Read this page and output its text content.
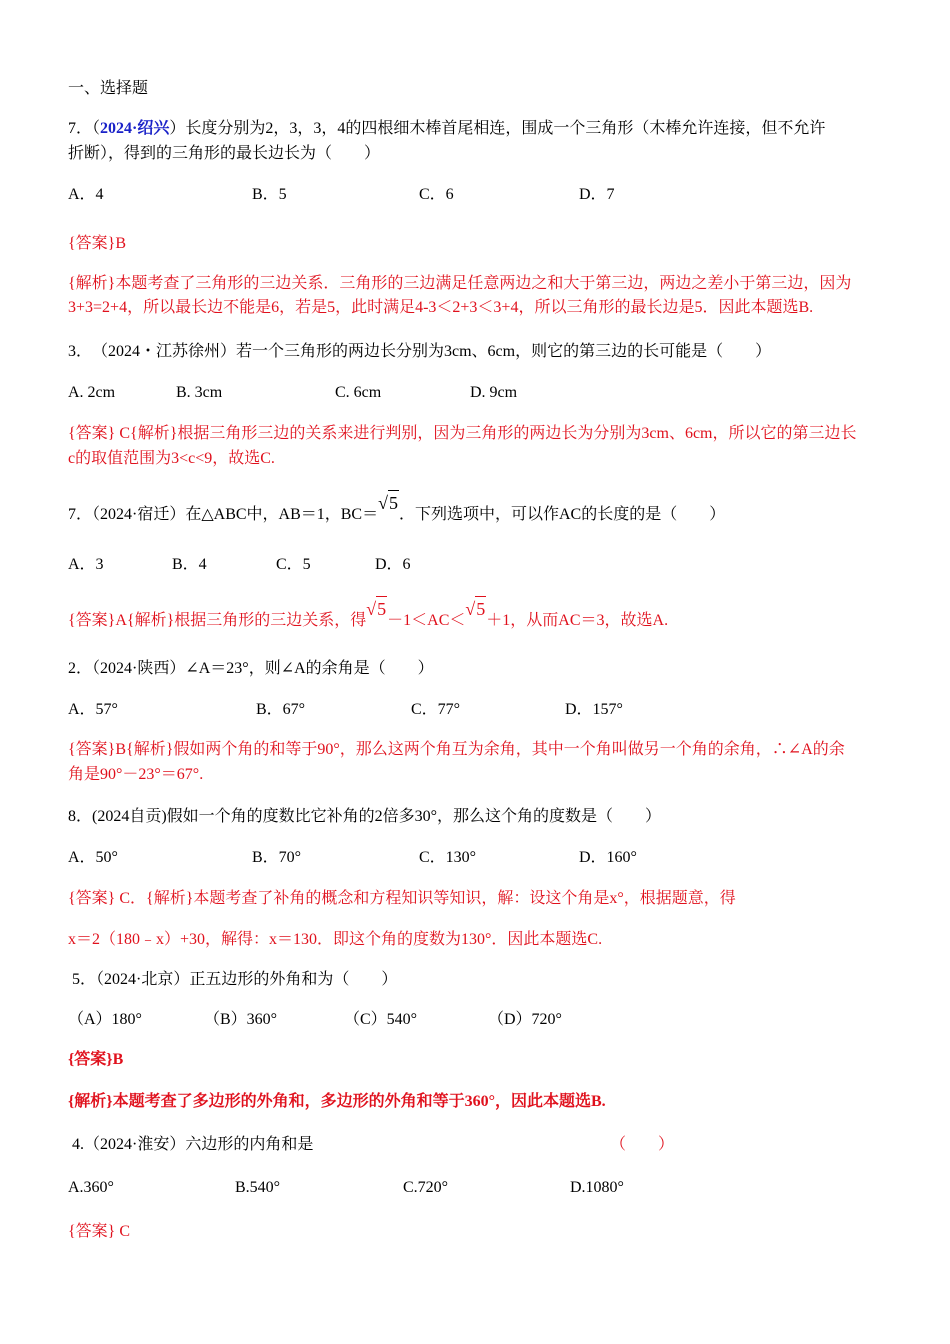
一、选择题
7．（2024·绍兴）长度分别为2，3，3，4的四根细木棒首尾相连，围成一个三角形（木棒允许连接，但不允许
折断），得到的三角形的最长边长为（　　）
A．4	B．5	C．6	D．7
{答案}B
{解析}本题考查了三角形的三边关系．三角形的三边满足任意两边之和大于第三边，两边之差小于第三边，因为
3+3=2+4，所以最长边不能是6，若是5，此时满足4-3＜2+3＜3+4，所以三角形的最长边是5．因此本题选B.
3．　（2024・江苏徐州）若一个三角形的两边长分别为3cm、6cm，则它的第三边的长可能是（　　）
A. 2cm	B. 3cm	C. 6cm	D. 9cm
{答案} C{解析}根据三角形三边的关系来进行判别，因为三角形的两边长为分别为3cm、6cm，所以它的第三边长
c的取值范围为3<c<9，故选C.
7．（2024·宿迁）在△ABC中，AB＝1，BC＝√5．下列选项中，可以作AC的长度的是（　　）
A．3	B．4	C．5	D．6
{答案}A{解析}根据三角形的三边关系，得√5－1＜AC＜√5＋1，从而AC＝3，故选A.
2．（2024·陕西）∠A＝23°，则∠A的余角是（　　）
A．57°	B．67°	C．77°	D．157°
{答案}B{解析}假如两个角的和等于90°，那么这两个角互为余角，其中一个角叫做另一个角的余角，∴∠A的余
角是90°－23°＝67°.
8．(2024自贡)假如一个角的度数比它补角的2倍多30°，那么这个角的度数是（　　）
A．50°	B．70°	C．130°	D．160°
{答案} C．{解析}本题考查了补角的概念和方程知识等知识，解：设这个角是x°，根据题意，得
x＝2（180﹣x）+30，解得：x＝130．即这个角的度数为130°．因此本题选C.
5．（2024·北京）正五边形的外角和为（　　）
（A）180°	（B）360°	（C）540°	（D）720°
{答案}B
{解析}本题考查了多边形的外角和，多边形的外角和等于360°，因此本题选B.
4.（2024·淮安）六边形的内角和是	（　　）
A.360°	B.540°	C.720°	D.1080°
{答案} C
